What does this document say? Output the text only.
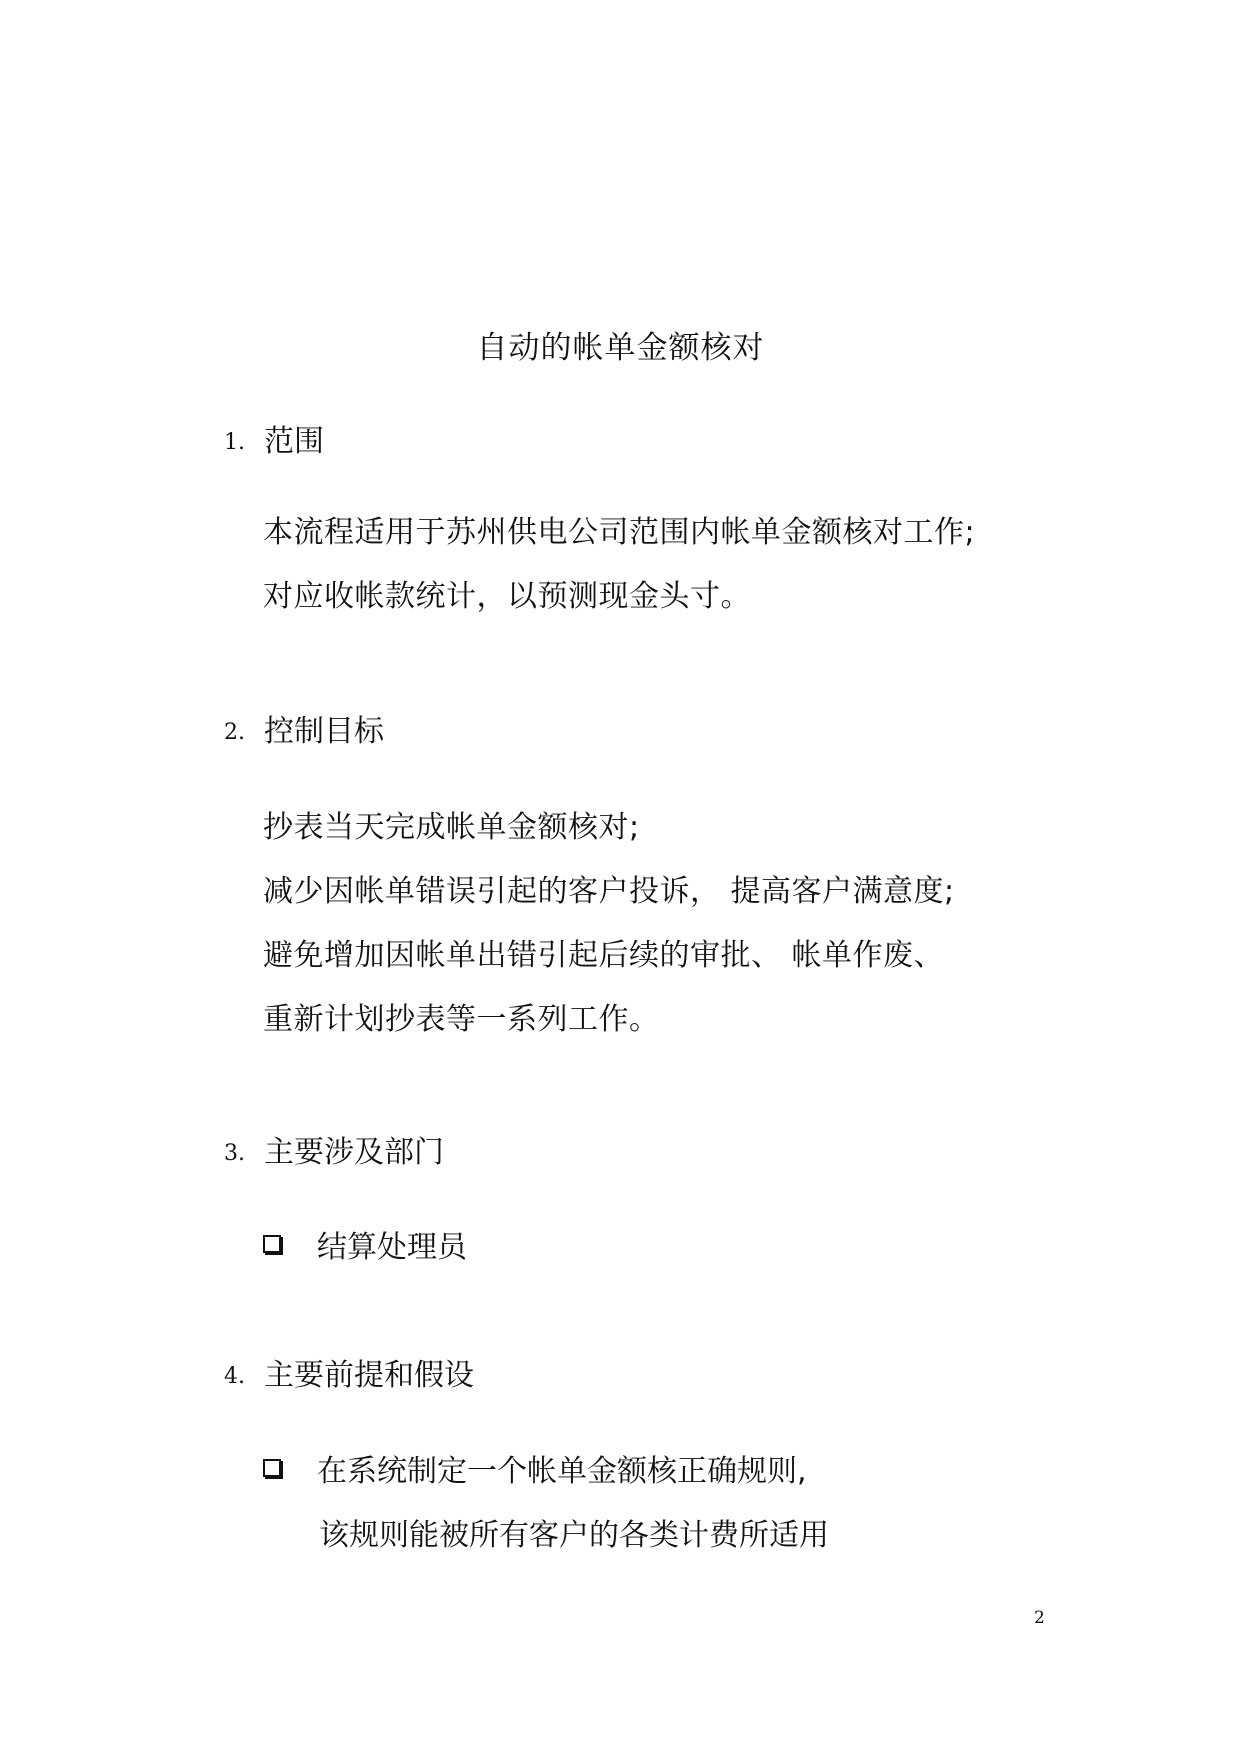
自动的帐单金额核对
1. 范围
本流程适用于苏州供电公司范围内帐单金额核对工作;
对应收帐款统计，以预测现金头寸。
2. 控制目标
抄表当天完成帐单金额核对;
减少因帐单错误引起的客户投诉， 提高客户满意度;
避免增加因帐单出错引起后续的审批、 帐单作废、
重新计划抄表等一系列工作。
3. 主要涉及部门
结算处理员
4. 主要前提和假设
在系统制定一个帐单金额核正确规则,
该规则能被所有客户的各类计费所适用
2
